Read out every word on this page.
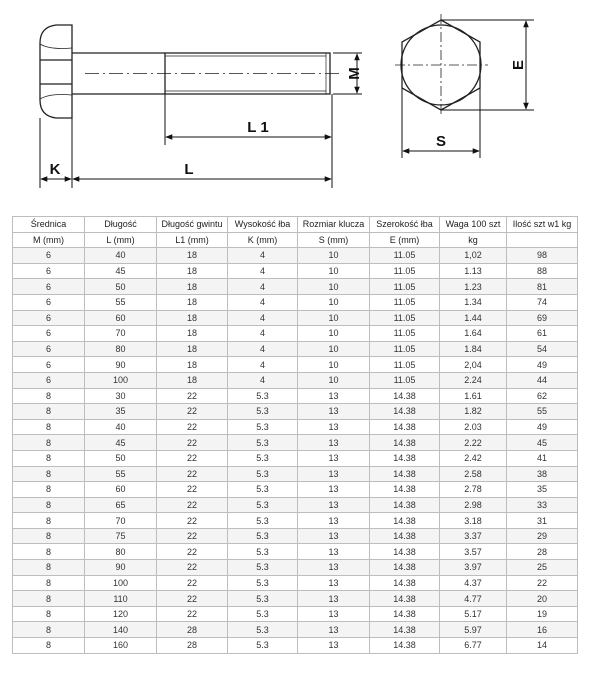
L 1
L
K
M
S
E
Średnica	Długość	Długość gwintu	Wysokość łba	Rozmiar klucza	Szerokość łba	Waga 100 szt	Ilość szt w1 kg
M (mm)	L (mm)	L1 (mm)	K (mm)	S (mm)	E (mm)	kg	
6	40	18	4	10	11.05	1,02	98
6	45	18	4	10	11.05	1.13	88
6	50	18	4	10	11.05	1.23	81
6	55	18	4	10	11.05	1.34	74
6	60	18	4	10	11.05	1.44	69
6	70	18	4	10	11.05	1.64	61
6	80	18	4	10	11.05	1.84	54
6	90	18	4	10	11.05	2,04	49
6	100	18	4	10	11.05	2.24	44
8	30	22	5.3	13	14.38	1.61	62
8	35	22	5.3	13	14.38	1.82	55
8	40	22	5.3	13	14.38	2.03	49
8	45	22	5.3	13	14.38	2.22	45
8	50	22	5.3	13	14.38	2.42	41
8	55	22	5.3	13	14.38	2.58	38
8	60	22	5.3	13	14.38	2.78	35
8	65	22	5.3	13	14.38	2.98	33
8	70	22	5.3	13	14.38	3.18	31
8	75	22	5.3	13	14.38	3.37	29
8	80	22	5.3	13	14.38	3.57	28
8	90	22	5.3	13	14.38	3.97	25
8	100	22	5.3	13	14.38	4.37	22
8	110	22	5.3	13	14.38	4.77	20
8	120	22	5.3	13	14.38	5.17	19
8	140	28	5.3	13	14.38	5.97	16
8	160	28	5.3	13	14.38	6.77	14
